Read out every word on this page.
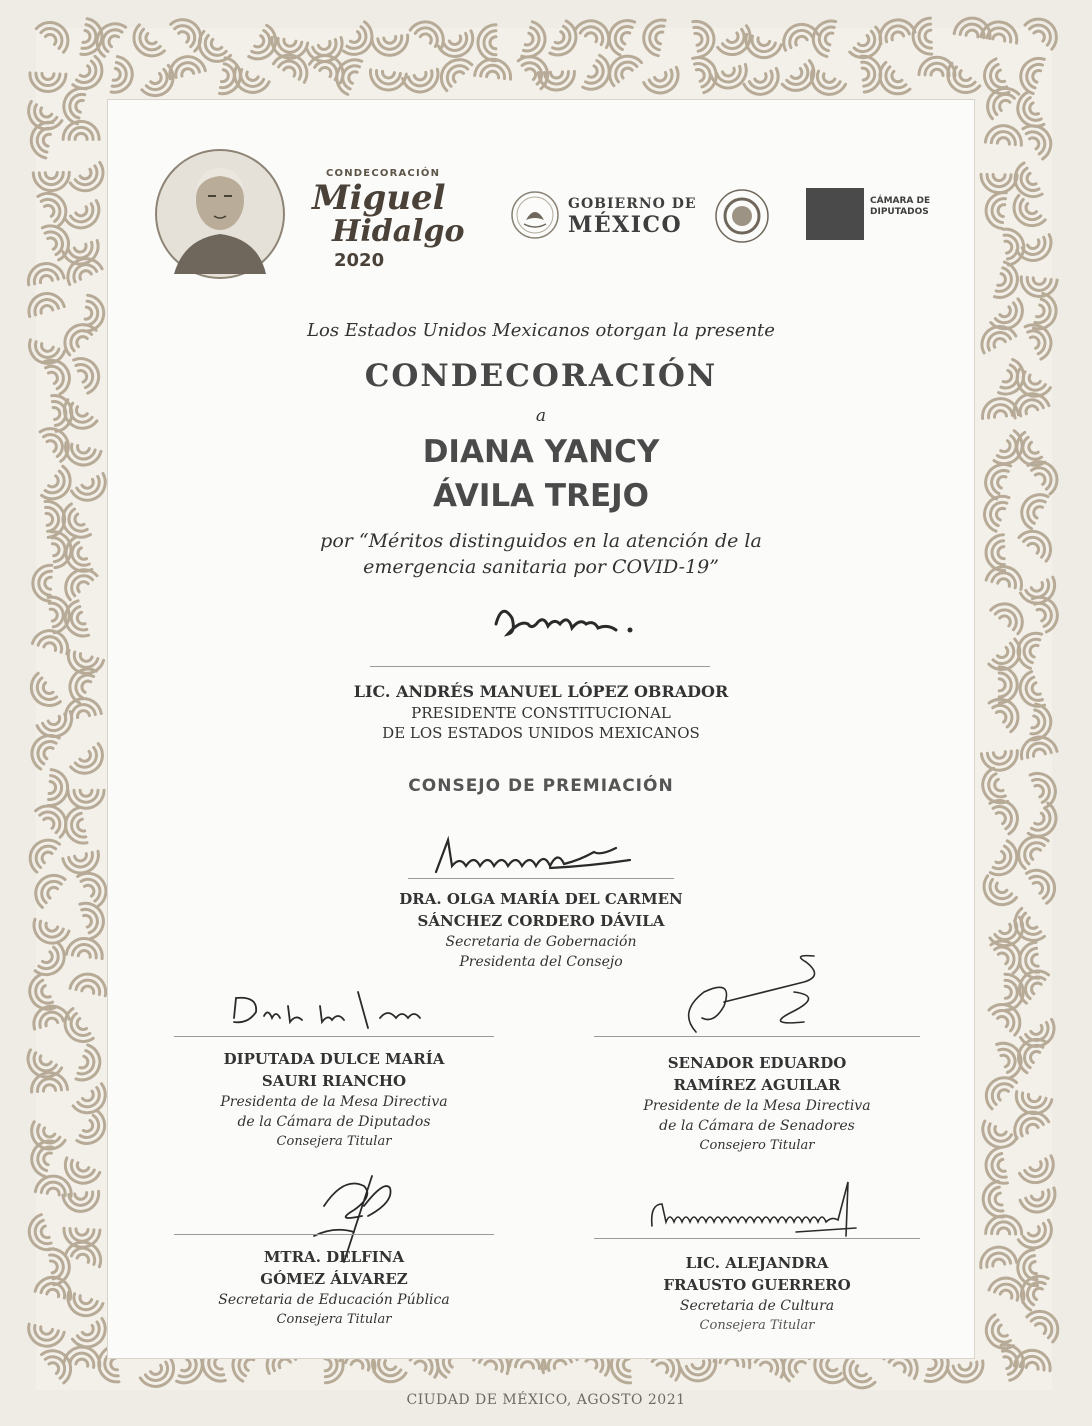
CONDECORACIÓN
Miguel
Hidalgo
2020
GOBIERNO DE
MÉXICO
CÁMARA DE
DIPUTADOS
Los Estados Unidos Mexicanos otorgan la presente
CONDECORACIÓN
a
DIANA YANCY
ÁVILA TREJO
por “Méritos distinguidos en la atención de la
emergencia sanitaria por COVID-19”
LIC. ANDRÉS MANUEL LÓPEZ OBRADOR
PRESIDENTE CONSTITUCIONAL
DE LOS ESTADOS UNIDOS MEXICANOS
CONSEJO DE PREMIACIÓN
DRA. OLGA MARÍA DEL CARMEN
SÁNCHEZ CORDERO DÁVILA
Secretaria de Gobernación
Presidenta del Consejo
DIPUTADA DULCE MARÍA
SAURI RIANCHO
Presidenta de la Mesa Directiva
de la Cámara de Diputados
Consejera Titular
SENADOR EDUARDO
RAMÍREZ AGUILAR
Presidente de la Mesa Directiva
de la Cámara de Senadores
Consejero Titular
MTRA. DELFINA
GÓMEZ ÁLVAREZ
Secretaria de Educación Pública
Consejera Titular
LIC. ALEJANDRA
FRAUSTO GUERRERO
Secretaria de Cultura
Consejera Titular
CIUDAD DE MÉXICO, AGOSTO 2021
